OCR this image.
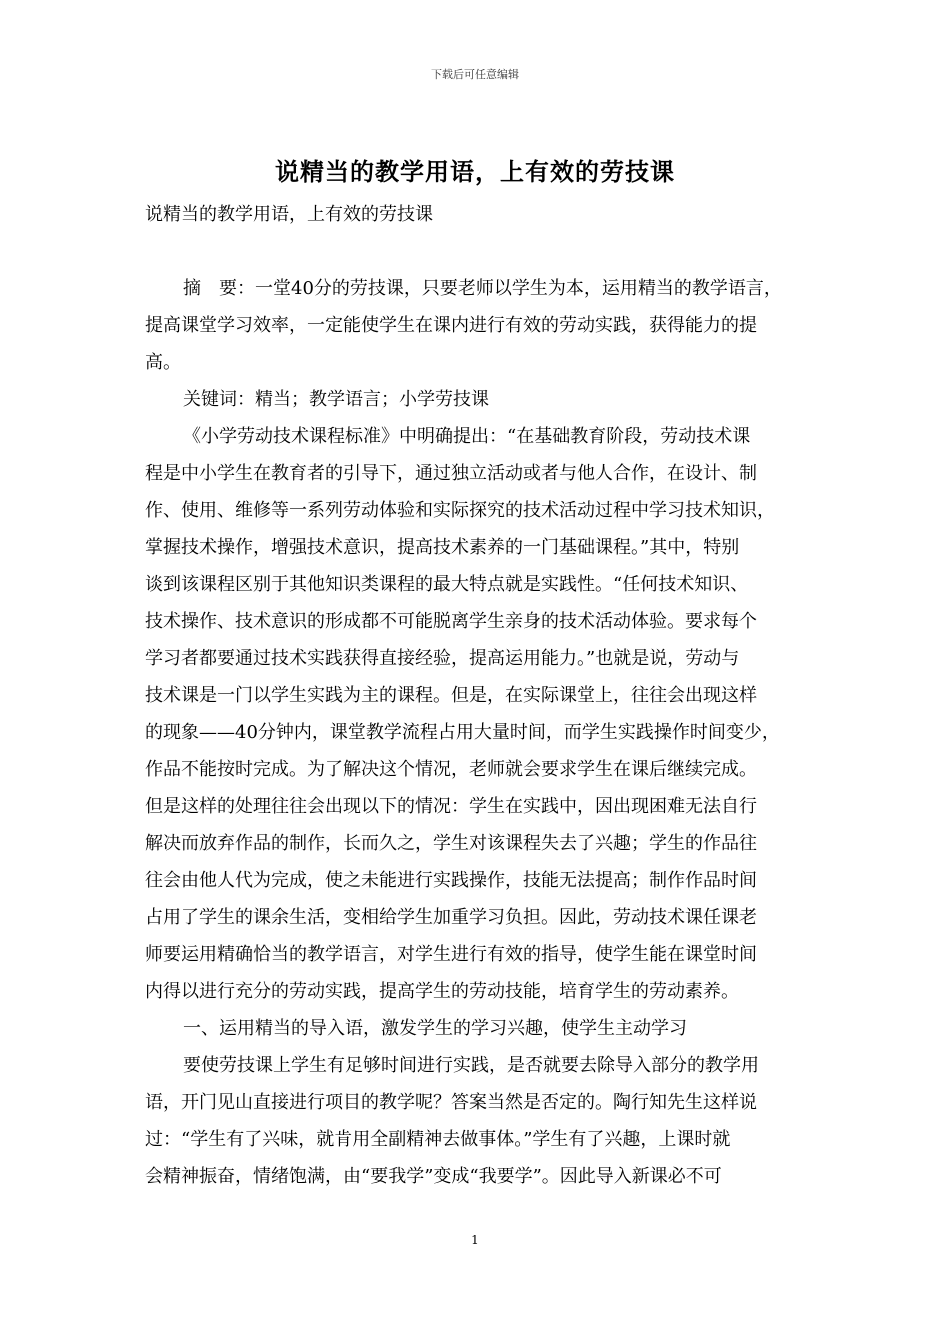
下载后可任意编辑
说精当的教学用语，上有效的劳技课
说精当的教学用语，上有效的劳技课
摘　要：一堂40分的劳技课，只要老师以学生为本，运用精当的教学语言，
提高课堂学习效率，一定能使学生在课内进行有效的劳动实践，获得能力的提
高。
关键词：精当；教学语言；小学劳技课
《小学劳动技术课程标准》中明确提出：“在基础教育阶段，劳动技术课
程是中小学生在教育者的引导下，通过独立活动或者与他人合作，在设计、制
作、使用、维修等一系列劳动体验和实际探究的技术活动过程中学习技术知识，
掌握技术操作，增强技术意识，提高技术素养的一门基础课程。”其中，特别
谈到该课程区别于其他知识类课程的最大特点就是实践性。“任何技术知识、
技术操作、技术意识的形成都不可能脱离学生亲身的技术活动体验。要求每个
学习者都要通过技术实践获得直接经验，提高运用能力。”也就是说，劳动与
技术课是一门以学生实践为主的课程。但是，在实际课堂上，往往会出现这样
的现象——40分钟内，课堂教学流程占用大量时间，而学生实践操作时间变少，
作品不能按时完成。为了解决这个情况，老师就会要求学生在课后继续完成。
但是这样的处理往往会出现以下的情况：学生在实践中，因出现困难无法自行
解决而放弃作品的制作，长而久之，学生对该课程失去了兴趣；学生的作品往
往会由他人代为完成，使之未能进行实践操作，技能无法提高；制作作品时间
占用了学生的课余生活，变相给学生加重学习负担。因此，劳动技术课任课老
师要运用精确恰当的教学语言，对学生进行有效的指导，使学生能在课堂时间
内得以进行充分的劳动实践，提高学生的劳动技能，培育学生的劳动素养。
一、运用精当的导入语，激发学生的学习兴趣，使学生主动学习
要使劳技课上学生有足够时间进行实践，是否就要去除导入部分的教学用
语，开门见山直接进行项目的教学呢？答案当然是否定的。陶行知先生这样说
过：“学生有了兴味，就肯用全副精神去做事体。”学生有了兴趣，上课时就
会精神振奋，情绪饱满，由“要我学”变成“我要学”。因此导入新课必不可
1
